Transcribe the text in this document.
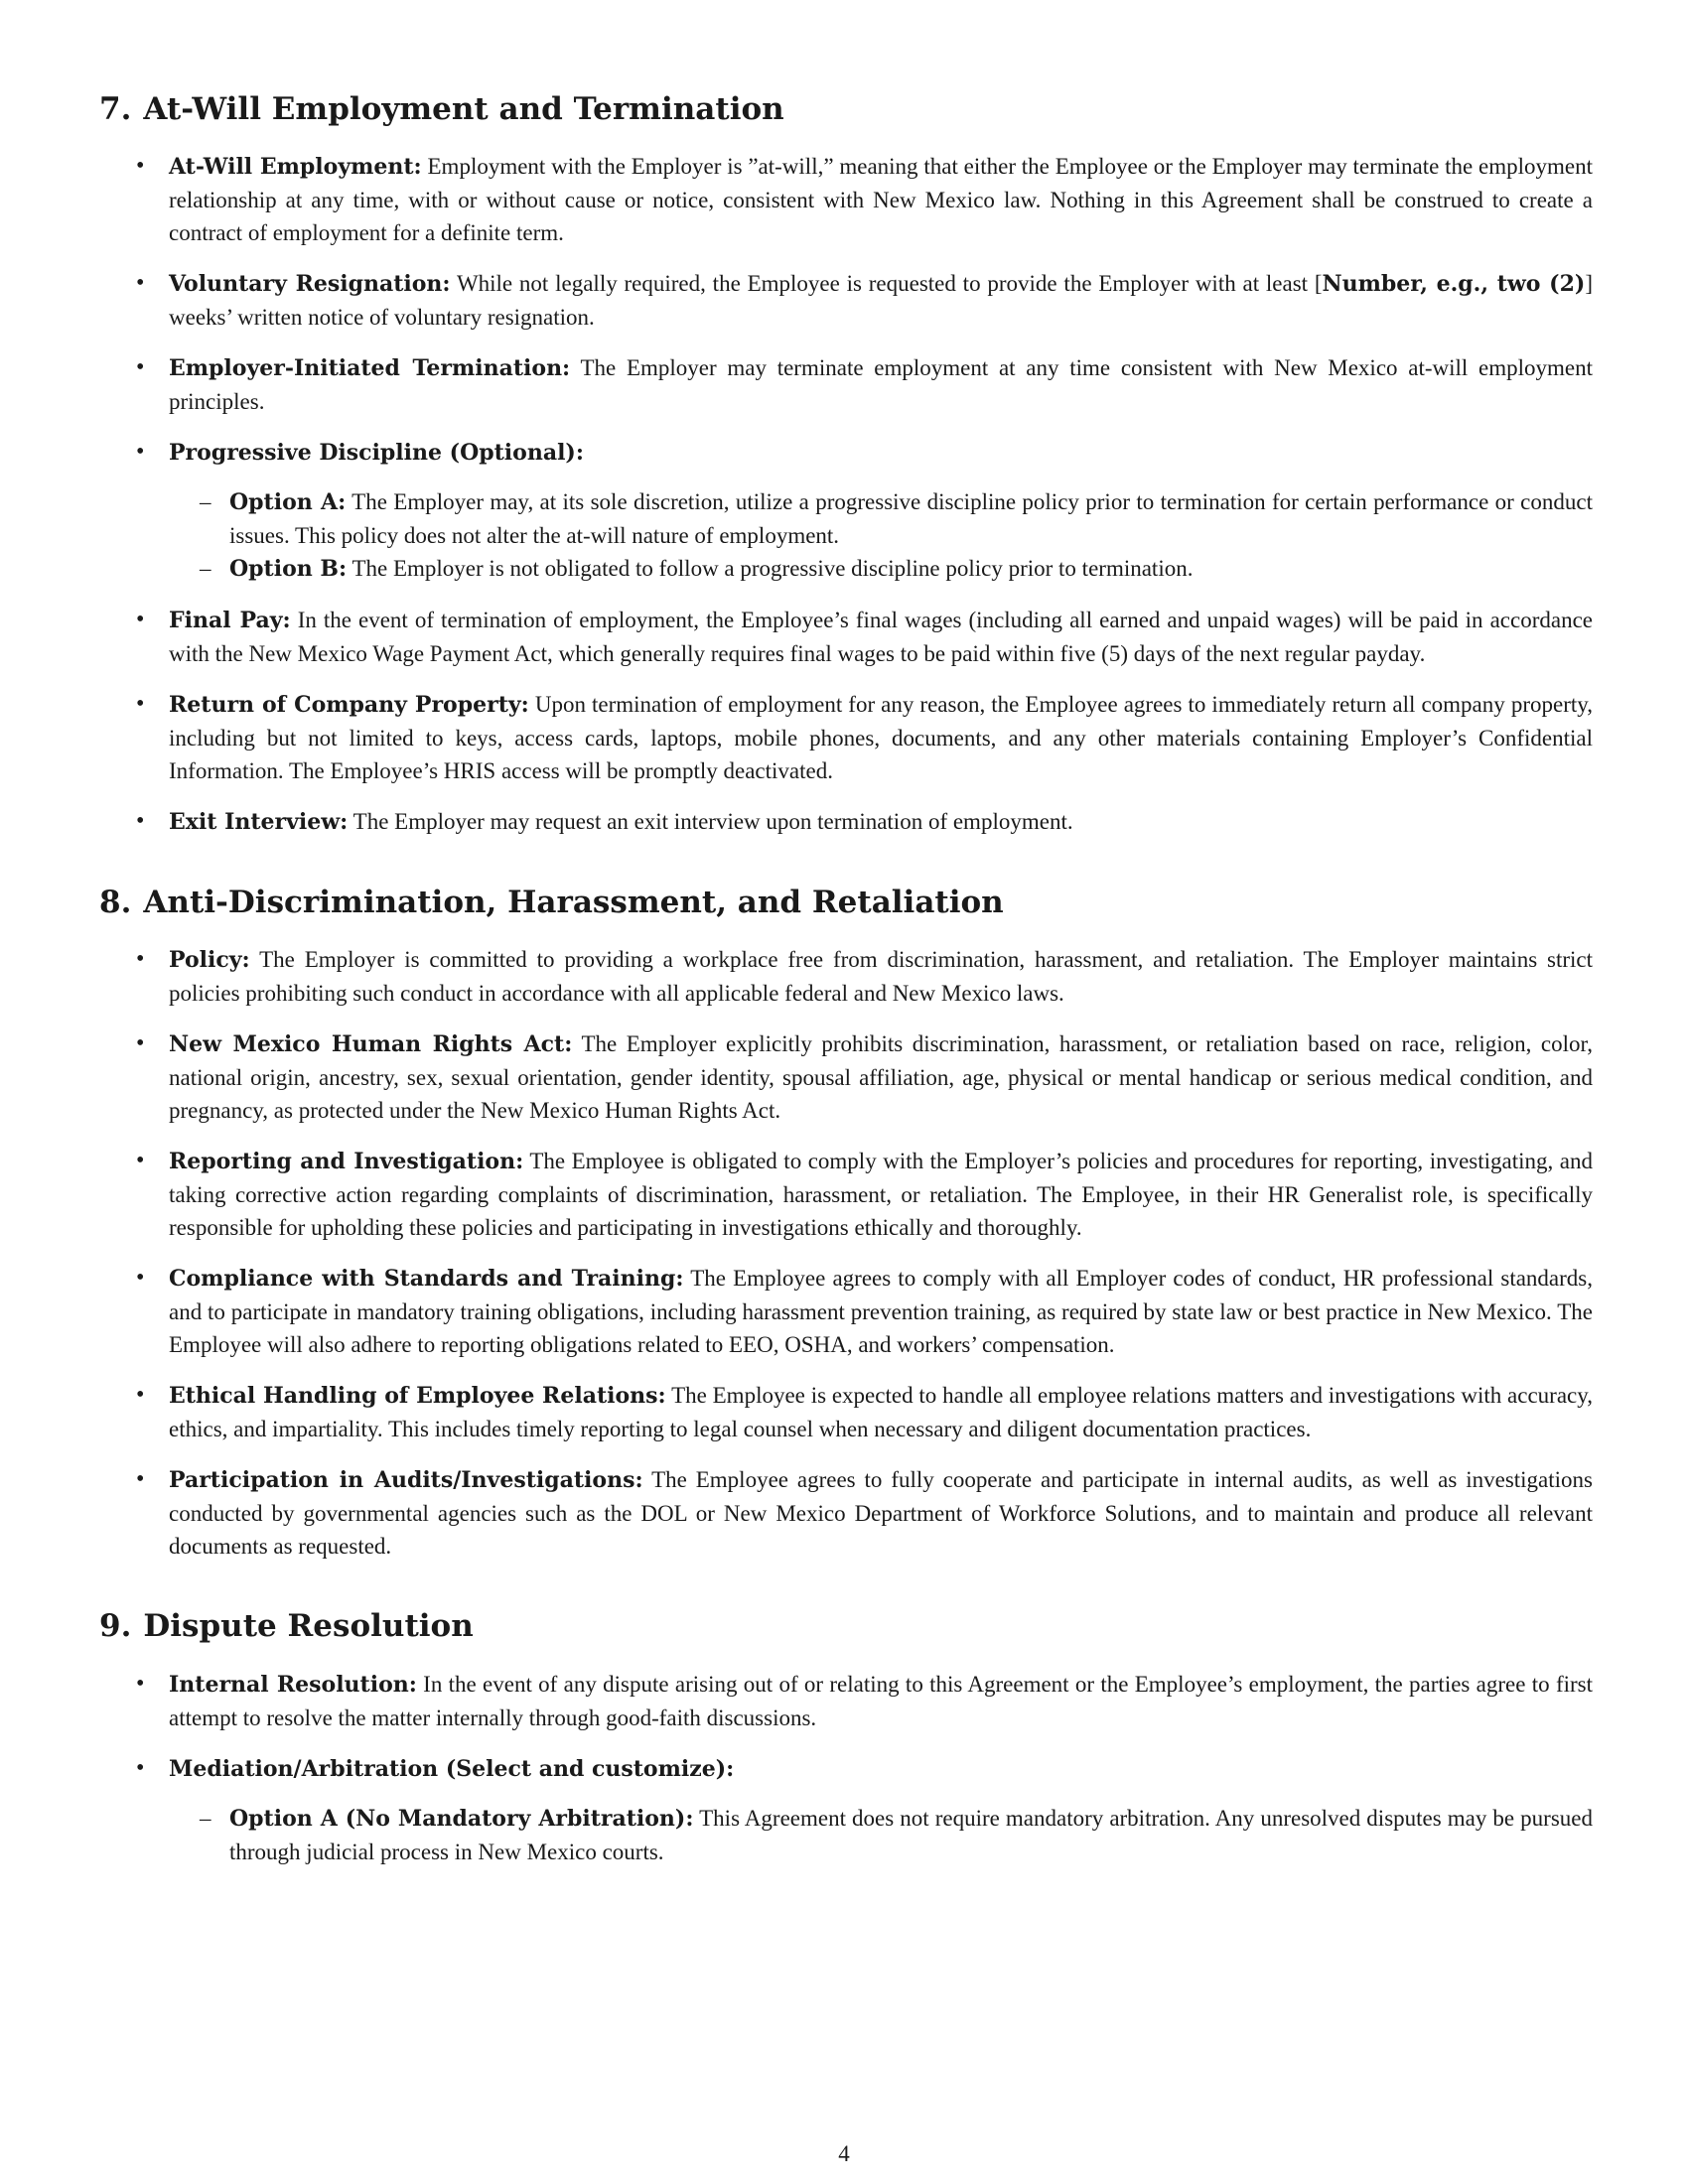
7. At-Will Employment and Termination
• At-Will Employment: Employment with the Employer is ”at-will,” meaning that either the Employee or the Employer may terminate the employment relationship at any time, with or without cause or notice, consistent with New Mexico law. Nothing in this Agreement shall be construed to create a contract of employment for a definite term.
• Voluntary Resignation: While not legally required, the Employee is requested to provide the Employer with at least [Number, e.g., two (2)] weeks’ written notice of voluntary resignation.
• Employer-Initiated Termination: The Employer may terminate employment at any time consistent with New Mexico at-will employment principles.
• Progressive Discipline (Optional):
– Option A: The Employer may, at its sole discretion, utilize a progressive discipline policy prior to termination for certain performance or conduct issues. This policy does not alter the at-will nature of employment.
– Option B: The Employer is not obligated to follow a progressive discipline policy prior to termination.
• Final Pay: In the event of termination of employment, the Employee’s final wages (including all earned and unpaid wages) will be paid in accordance with the New Mexico Wage Payment Act, which generally requires final wages to be paid within five (5) days of the next regular payday.
• Return of Company Property: Upon termination of employment for any reason, the Employee agrees to immediately return all company property, including but not limited to keys, access cards, laptops, mobile phones, documents, and any other materials containing Employer’s Confidential Information. The Employee’s HRIS access will be promptly deactivated.
• Exit Interview: The Employer may request an exit interview upon termination of employment.
8. Anti-Discrimination, Harassment, and Retaliation
• Policy: The Employer is committed to providing a workplace free from discrimination, harassment, and retaliation. The Employer maintains strict policies prohibiting such conduct in accordance with all applicable federal and New Mexico laws.
• New Mexico Human Rights Act: The Employer explicitly prohibits discrimination, harassment, or retaliation based on race, religion, color, national origin, ancestry, sex, sexual orientation, gender identity, spousal affiliation, age, physical or mental handicap or serious medical condition, and pregnancy, as protected under the New Mexico Human Rights Act.
• Reporting and Investigation: The Employee is obligated to comply with the Employer’s policies and procedures for reporting, investigating, and taking corrective action regarding complaints of discrimination, harassment, or retaliation. The Employee, in their HR Generalist role, is specifically responsible for upholding these policies and participating in investigations ethically and thoroughly.
• Compliance with Standards and Training: The Employee agrees to comply with all Employer codes of conduct, HR professional standards, and to participate in mandatory training obligations, including harassment prevention training, as required by state law or best practice in New Mexico. The Employee will also adhere to reporting obligations related to EEO, OSHA, and workers’ compensation.
• Ethical Handling of Employee Relations: The Employee is expected to handle all employee relations matters and investigations with accuracy, ethics, and impartiality. This includes timely reporting to legal counsel when necessary and diligent documentation practices.
• Participation in Audits/Investigations: The Employee agrees to fully cooperate and participate in internal audits, as well as investigations conducted by governmental agencies such as the DOL or New Mexico Department of Workforce Solutions, and to maintain and produce all relevant documents as requested.
9. Dispute Resolution
• Internal Resolution: In the event of any dispute arising out of or relating to this Agreement or the Employee’s employment, the parties agree to first attempt to resolve the matter internally through good-faith discussions.
• Mediation/Arbitration (Select and customize):
– Option A (No Mandatory Arbitration): This Agreement does not require mandatory arbitration. Any unresolved disputes may be pursued through judicial process in New Mexico courts.
4
